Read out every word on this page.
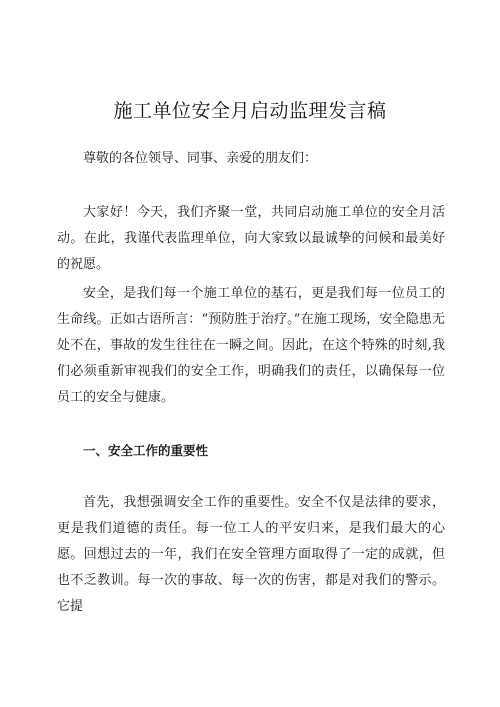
施工单位安全月启动监理发言稿

尊敬的各位领导、同事、亲爱的朋友们：

大家好！今天，我们齐聚一堂，共同启动施工单位的安全月活动。在此，我谨代表监理单位，向大家致以最诚挚的问候和最美好的祝愿。

安全，是我们每一个施工单位的基石，更是我们每一位员工的生命线。正如古语所言：“预防胜于治疗。”在施工现场，安全隐患无处不在，事故的发生往往在一瞬之间。因此，在这个特殊的时刻,我们必须重新审视我们的安全工作，明确我们的责任，以确保每一位员工的安全与健康。

一、安全工作的重要性

首先，我想强调安全工作的重要性。安全不仅是法律的要求，更是我们道德的责任。每一位工人的平安归来，是我们最大的心愿。回想过去的一年，我们在安全管理方面取得了一定的成就，但也不乏教训。每一次的事故、每一次的伤害，都是对我们的警示。它提
